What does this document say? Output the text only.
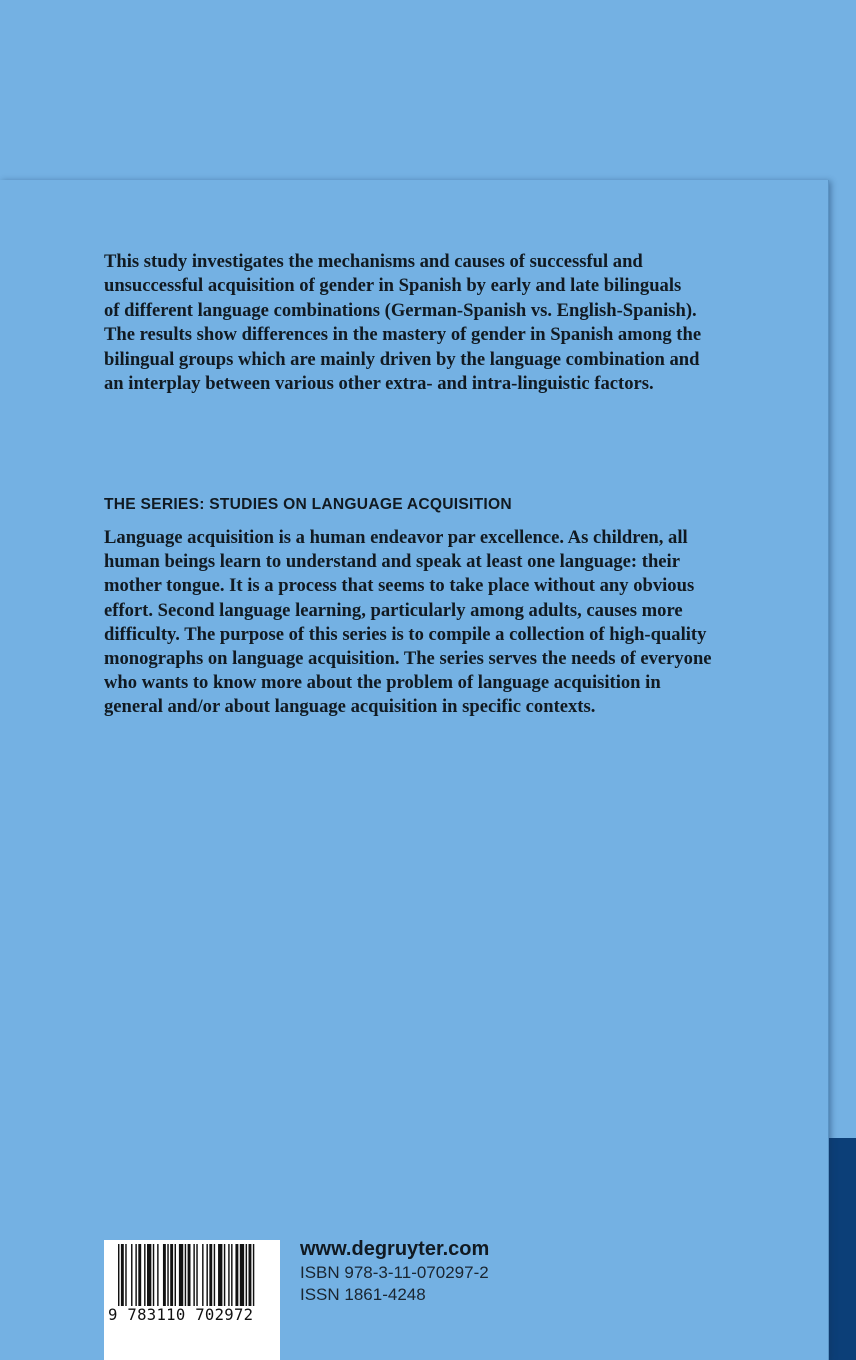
This study investigates the mechanisms and causes of successful and
unsuccessful acquisition of gender in Spanish by early and late bilinguals
of different language combinations (German-Spanish vs. English-Spanish).
The results show differences in the mastery of gender in Spanish among the
bilingual groups which are mainly driven by the language combination and
an interplay between various other extra- and intra-linguistic factors.

THE SERIES: STUDIES ON LANGUAGE ACQUISITION

Language acquisition is a human endeavor par excellence. As children, all
human beings learn to understand and speak at least one language: their
mother tongue. It is a process that seems to take place without any obvious
effort. Second language learning, particularly among adults, causes more
difficulty. The purpose of this series is to compile a collection of high-quality
monographs on language acquisition. The series serves the needs of everyone
who wants to know more about the problem of language acquisition in
general and/or about language acquisition in specific contexts.

9 783110 702972
www.degruyter.com
ISBN 978-3-11-070297-2
ISSN 1861-4248
